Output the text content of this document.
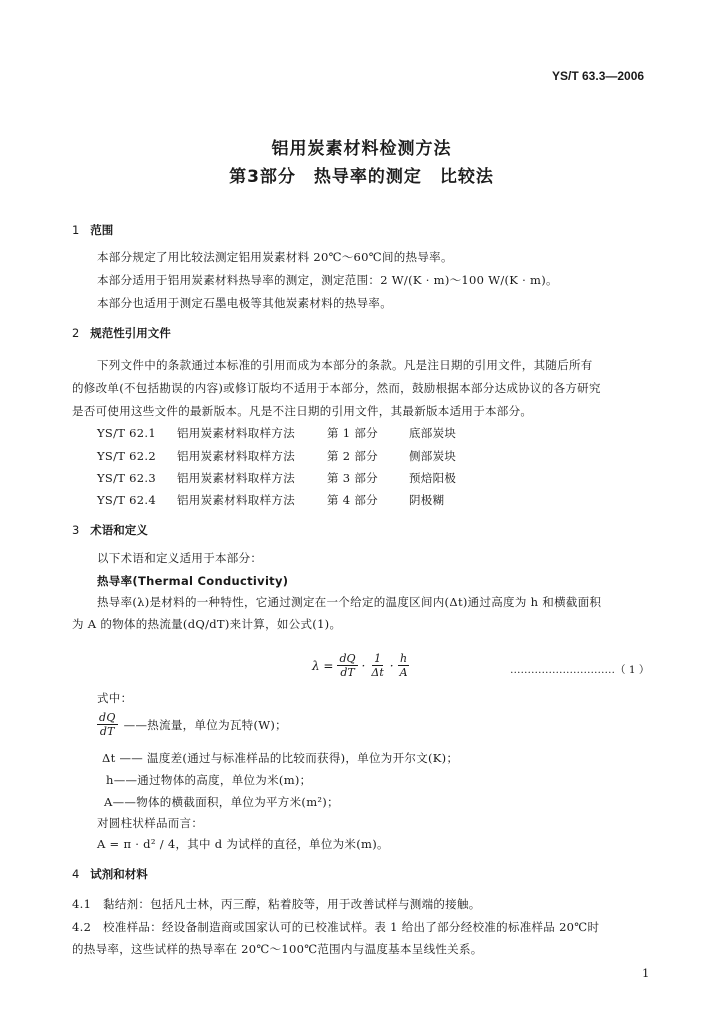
YS/T 63.3—2006
铝用炭素材料检测方法
第3部分　热导率的测定　比较法
1 范围
本部分规定了用比较法测定铝用炭素材料 20℃～60℃间的热导率。
本部分适用于铝用炭素材料热导率的测定，测定范围：2 W/(K · m)～100 W/(K · m)。
本部分也适用于测定石墨电极等其他炭素材料的热导率。
2 规范性引用文件
下列文件中的条款通过本标准的引用而成为本部分的条款。凡是注日期的引用文件，其随后所有
的修改单(不包括勘误的内容)或修订版均不适用于本部分，然而，鼓励根据本部分达成协议的各方研究
是否可使用这些文件的最新版本。凡是不注日期的引用文件，其最新版本适用于本部分。
YS/T 62.1 铝用炭素材料取样方法	第 1 部分	底部炭块
YS/T 62.2 铝用炭素材料取样方法	第 2 部分	侧部炭块
YS/T 62.3 铝用炭素材料取样方法	第 3 部分	预焙阳极
YS/T 62.4 铝用炭素材料取样方法	第 4 部分	阴极糊
3 术语和定义
以下术语和定义适用于本部分：
热导率(Thermal Conductivity)
热导率(λ)是材料的一种特性，它通过测定在一个给定的温度区间内(Δt)通过高度为 h 和横截面积
为 A 的物体的热流量(dQ/dT)来计算，如公式(1)。
$\lambda = \frac{dQ}{dT} \cdot \frac{1}{\Delta t} \cdot \frac{h}{A}$	…………………………（ 1 ）
式中：
$\frac{dQ}{dT}$ ——热流量，单位为瓦特(W)；
Δt —— 温度差(通过与标准样品的比较而获得)，单位为开尔文(K)；
h——通过物体的高度，单位为米(m)；
A——物体的横截面积，单位为平方米(m²)；
对圆柱状样品而言：
A = π · d² / 4，其中 d 为试样的直径，单位为米(m)。
4 试剂和材料
4.1　黏结剂：包括凡士林，丙三醇，粘着胶等，用于改善试样与测端的接触。
4.2　校准样品：经设备制造商或国家认可的已校准试样。表 1 给出了部分经校准的标准样品 20℃时
的热导率，这些试样的热导率在 20℃～100℃范围内与温度基本呈线性关系。
1
